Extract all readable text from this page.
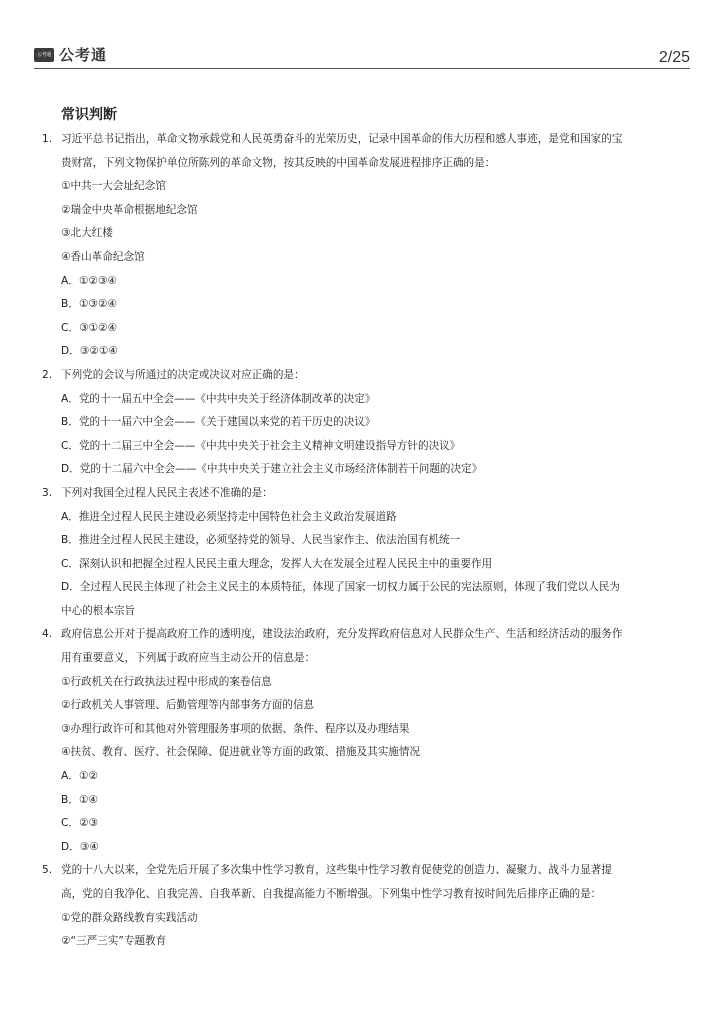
公考通 公考通	2/25
常识判断
1. 习近平总书记指出，革命文物承载党和人民英勇奋斗的光荣历史，记录中国革命的伟大历程和感人事迹，是党和国家的宝
贵财富，下列文物保护单位所陈列的革命文物，按其反映的中国革命发展进程排序正确的是：
①中共一大会址纪念馆
②瑞金中央革命根据地纪念馆
③北大红楼
④香山革命纪念馆
A．①②③④
B．①③②④
C．③①②④
D．③②①④
2. 下列党的会议与所通过的决定或决议对应正确的是：
A．党的十一届五中全会——《中共中央关于经济体制改革的决定》
B．党的十一届六中全会——《关于建国以来党的若干历史的决议》
C．党的十二届三中全会——《中共中央关于社会主义精神文明建设指导方针的决议》
D．党的十二届六中全会——《中共中央关于建立社会主义市场经济体制若干问题的决定》
3. 下列对我国全过程人民民主表述不准确的是：
A．推进全过程人民民主建设必须坚持走中国特色社会主义政治发展道路
B．推进全过程人民民主建设，必须坚持党的领导、人民当家作主、依法治国有机统一
C．深刻认识和把握全过程人民民主重大理念，发挥人大在发展全过程人民民主中的重要作用
D．全过程人民民主体现了社会主义民主的本质特征，体现了国家一切权力属于公民的宪法原则，体现了我们党以人民为
中心的根本宗旨
4. 政府信息公开对于提高政府工作的透明度，建设法治政府，充分发挥政府信息对人民群众生产、生活和经济活动的服务作
用有重要意义，下列属于政府应当主动公开的信息是：
①行政机关在行政执法过程中形成的案卷信息
②行政机关人事管理、后勤管理等内部事务方面的信息
③办理行政许可和其他对外管理服务事项的依据、条件、程序以及办理结果
④扶贫、教育、医疗、社会保障、促进就业等方面的政策、措施及其实施情况
A．①②
B．①④
C．②③
D．③④
5. 党的十八大以来，全党先后开展了多次集中性学习教育，这些集中性学习教育促使党的创造力、凝聚力、战斗力显著提
高，党的自我净化、自我完善、自我革新、自我提高能力不断增强。下列集中性学习教育按时间先后排序正确的是：
①党的群众路线教育实践活动
②“三严三实”专题教育
